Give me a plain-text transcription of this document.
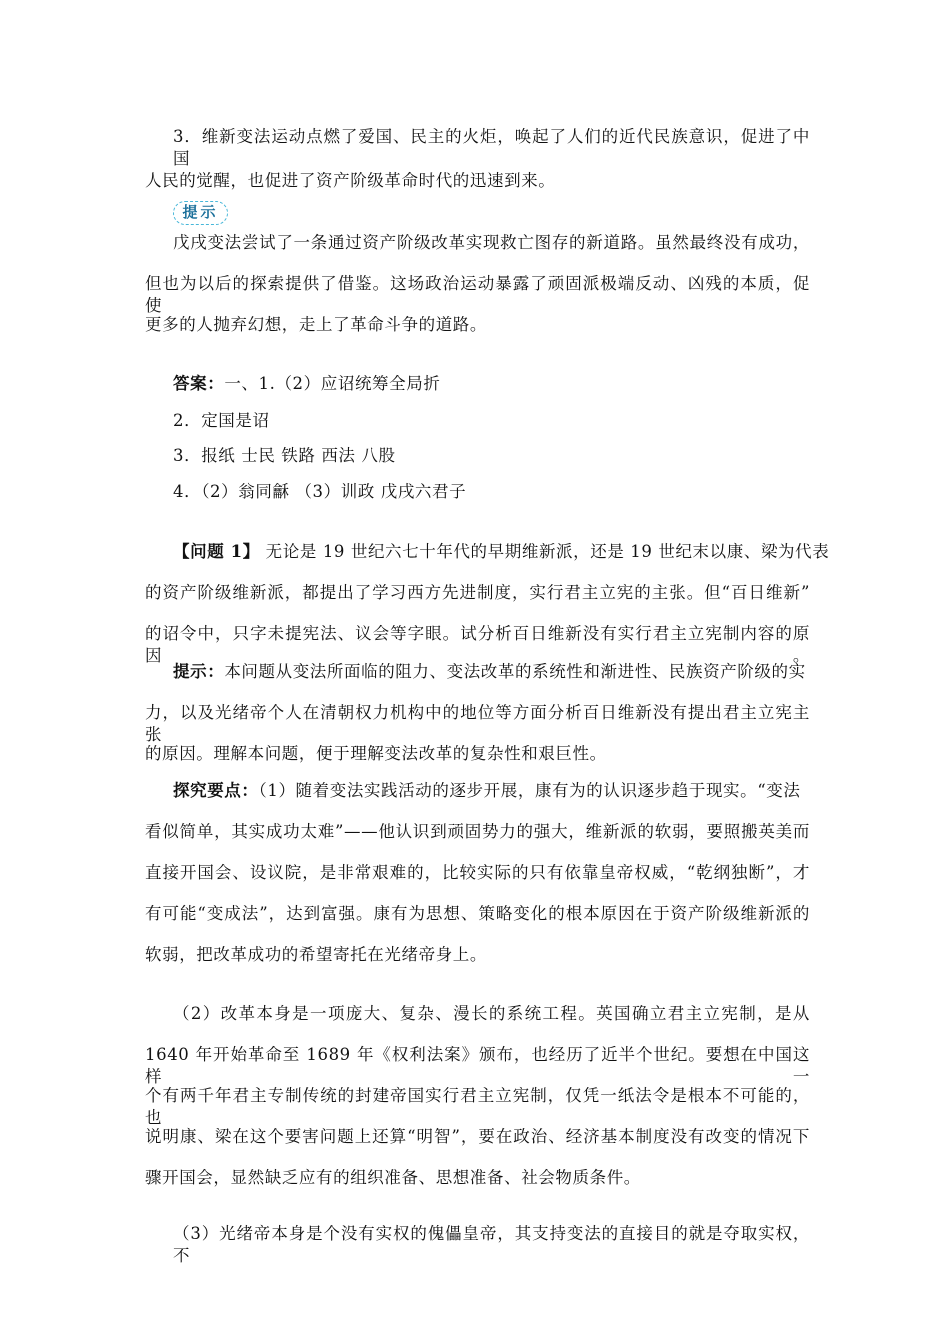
3．维新变法运动点燃了爱国、民主的火炬，唤起了人们的近代民族意识，促进了中国
人民的觉醒，也促进了资产阶级革命时代的迅速到来。
提示
戊戌变法尝试了一条通过资产阶级改革实现救亡图存的新道路。虽然最终没有成功，
但也为以后的探索提供了借鉴。这场政治运动暴露了顽固派极端反动、凶残的本质，促使
更多的人抛弃幻想，走上了革命斗争的道路。
答案：一、1.（2）应诏统筹全局折
2．定国是诏
3．报纸 士民 铁路 西法 八股
4．（2）翁同龢 （3）训政 戊戌六君子
【问题 1】 无论是 19 世纪六七十年代的早期维新派，还是 19 世纪末以康、梁为代表
的资产阶级维新派，都提出了学习西方先进制度，实行君主立宪的主张。但“百日维新”
的诏令中，只字未提宪法、议会等字眼。试分析百日维新没有实行君主立宪制内容的原因。
提示：本问题从变法所面临的阻力、变法改革的系统性和渐进性、民族资产阶级的实
力，以及光绪帝个人在清朝权力机构中的地位等方面分析百日维新没有提出君主立宪主张
的原因。理解本问题，便于理解变法改革的复杂性和艰巨性。
探究要点：（1）随着变法实践活动的逐步开展，康有为的认识逐步趋于现实。“变法
看似简单，其实成功太难”——他认识到顽固势力的强大，维新派的软弱，要照搬英美而
直接开国会、设议院，是非常艰难的，比较实际的只有依靠皇帝权威，“乾纲独断”，才
有可能“变成法”，达到富强。康有为思想、策略变化的根本原因在于资产阶级维新派的
软弱，把改革成功的希望寄托在光绪帝身上。
（2）改革本身是一项庞大、复杂、漫长的系统工程。英国确立君主立宪制，是从
1640 年开始革命至 1689 年《权利法案》颁布，也经历了近半个世纪。要想在中国这样一
个有两千年君主专制传统的封建帝国实行君主立宪制，仅凭一纸法令是根本不可能的，也
说明康、梁在这个要害问题上还算“明智”，要在政治、经济基本制度没有改变的情况下
骤开国会，显然缺乏应有的组织准备、思想准备、社会物质条件。
（3）光绪帝本身是个没有实权的傀儡皇帝，其支持变法的直接目的就是夺取实权，不
